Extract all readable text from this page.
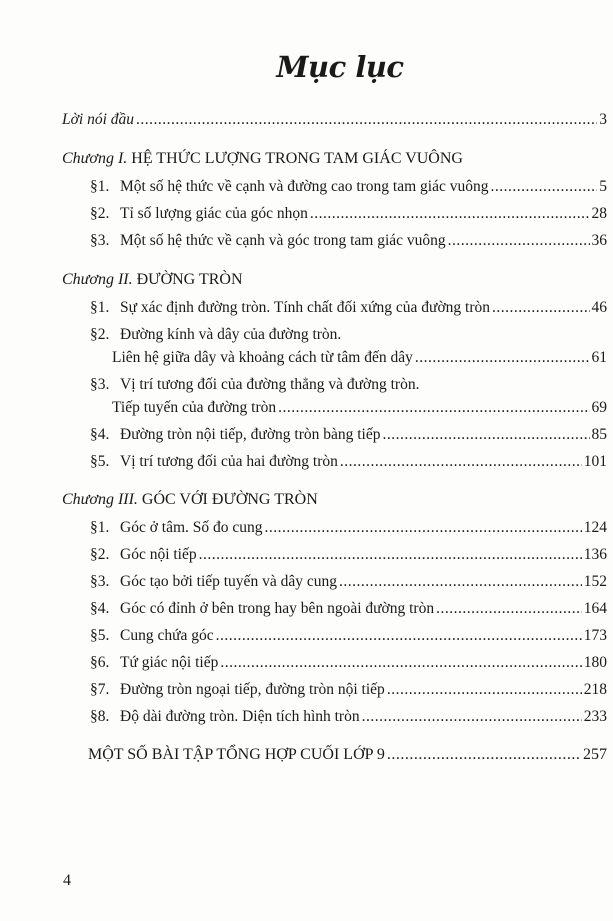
Mục lục
Lời nói đầu .....	3
Chương I. HỆ THỨC LƯỢNG TRONG TAM GIÁC VUÔNG
§1. Một số hệ thức về cạnh và đường cao trong tam giác vuông .....	5
§2. Tỉ số lượng giác của góc nhọn .....	28
§3. Một số hệ thức về cạnh và góc trong tam giác vuông .....	36
Chương II. ĐƯỜNG TRÒN
§1. Sự xác định đường tròn. Tính chất đối xứng của đường tròn .....	46
§2. Đường kính và dây của đường tròn.
Liên hệ giữa dây và khoảng cách từ tâm đến dây .....	61
§3. Vị trí tương đối của đường thẳng và đường tròn.
Tiếp tuyến của đường tròn .....	69
§4. Đường tròn nội tiếp, đường tròn bàng tiếp .....	85
§5. Vị trí tương đối của hai đường tròn .....	101
Chương III. GÓC VỚI ĐƯỜNG TRÒN
§1. Góc ở tâm. Số đo cung .....	124
§2. Góc nội tiếp .....	136
§3. Góc tạo bởi tiếp tuyến và dây cung .....	152
§4. Góc có đỉnh ở bên trong hay bên ngoài đường tròn .....	164
§5. Cung chứa góc .....	173
§6. Tứ giác nội tiếp .....	180
§7. Đường tròn ngoại tiếp, đường tròn nội tiếp .....	218
§8. Độ dài đường tròn. Diện tích hình tròn .....	233
MỘT SỐ BÀI TẬP TỔNG HỢP CUỐI LỚP 9 .....	257
4
